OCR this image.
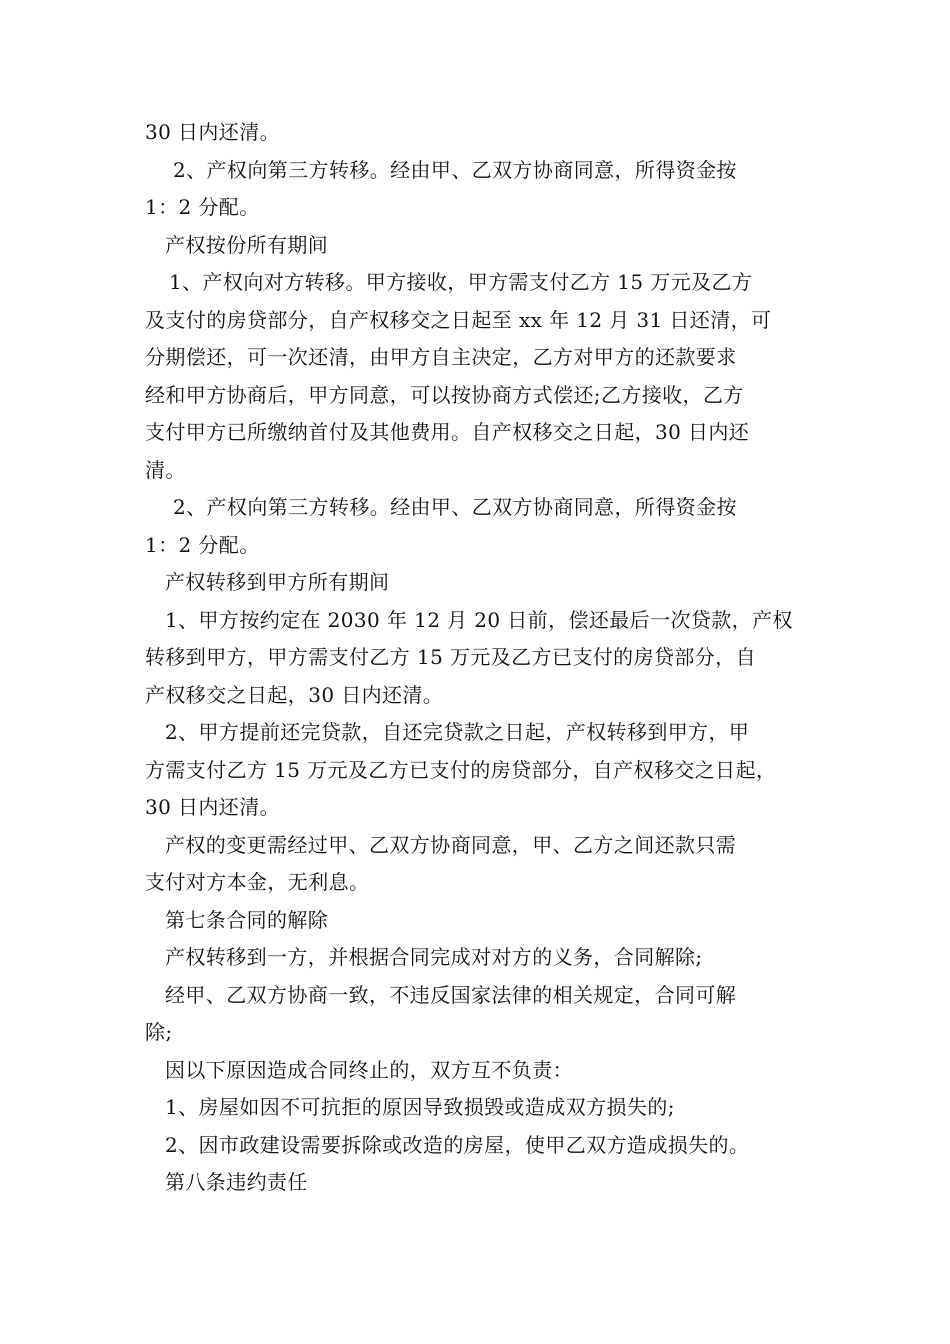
30 日内还清。
2、产权向第三方转移。经由甲、乙双方协商同意，所得资金按
1：2 分配。
产权按份所有期间
1、产权向对方转移。甲方接收，甲方需支付乙方 15 万元及乙方
及支付的房贷部分，自产权移交之日起至 xx 年 12 月 31 日还清，可
分期偿还，可一次还清，由甲方自主决定，乙方对甲方的还款要求
经和甲方协商后，甲方同意，可以按协商方式偿还;乙方接收，乙方
支付甲方已所缴纳首付及其他费用。自产权移交之日起，30 日内还
清。
2、产权向第三方转移。经由甲、乙双方协商同意，所得资金按
1：2 分配。
产权转移到甲方所有期间
1、甲方按约定在 2030 年 12 月 20 日前，偿还最后一次贷款，产权
转移到甲方，甲方需支付乙方 15 万元及乙方已支付的房贷部分，自
产权移交之日起，30 日内还清。
2、甲方提前还完贷款，自还完贷款之日起，产权转移到甲方，甲
方需支付乙方 15 万元及乙方已支付的房贷部分，自产权移交之日起，
30 日内还清。
产权的变更需经过甲、乙双方协商同意，甲、乙方之间还款只需
支付对方本金，无利息。
第七条合同的解除
产权转移到一方，并根据合同完成对对方的义务，合同解除;
经甲、乙双方协商一致，不违反国家法律的相关规定，合同可解
除;
因以下原因造成合同终止的，双方互不负责：
1、房屋如因不可抗拒的原因导致损毁或造成双方损失的;
2、因市政建设需要拆除或改造的房屋，使甲乙双方造成损失的。
第八条违约责任
